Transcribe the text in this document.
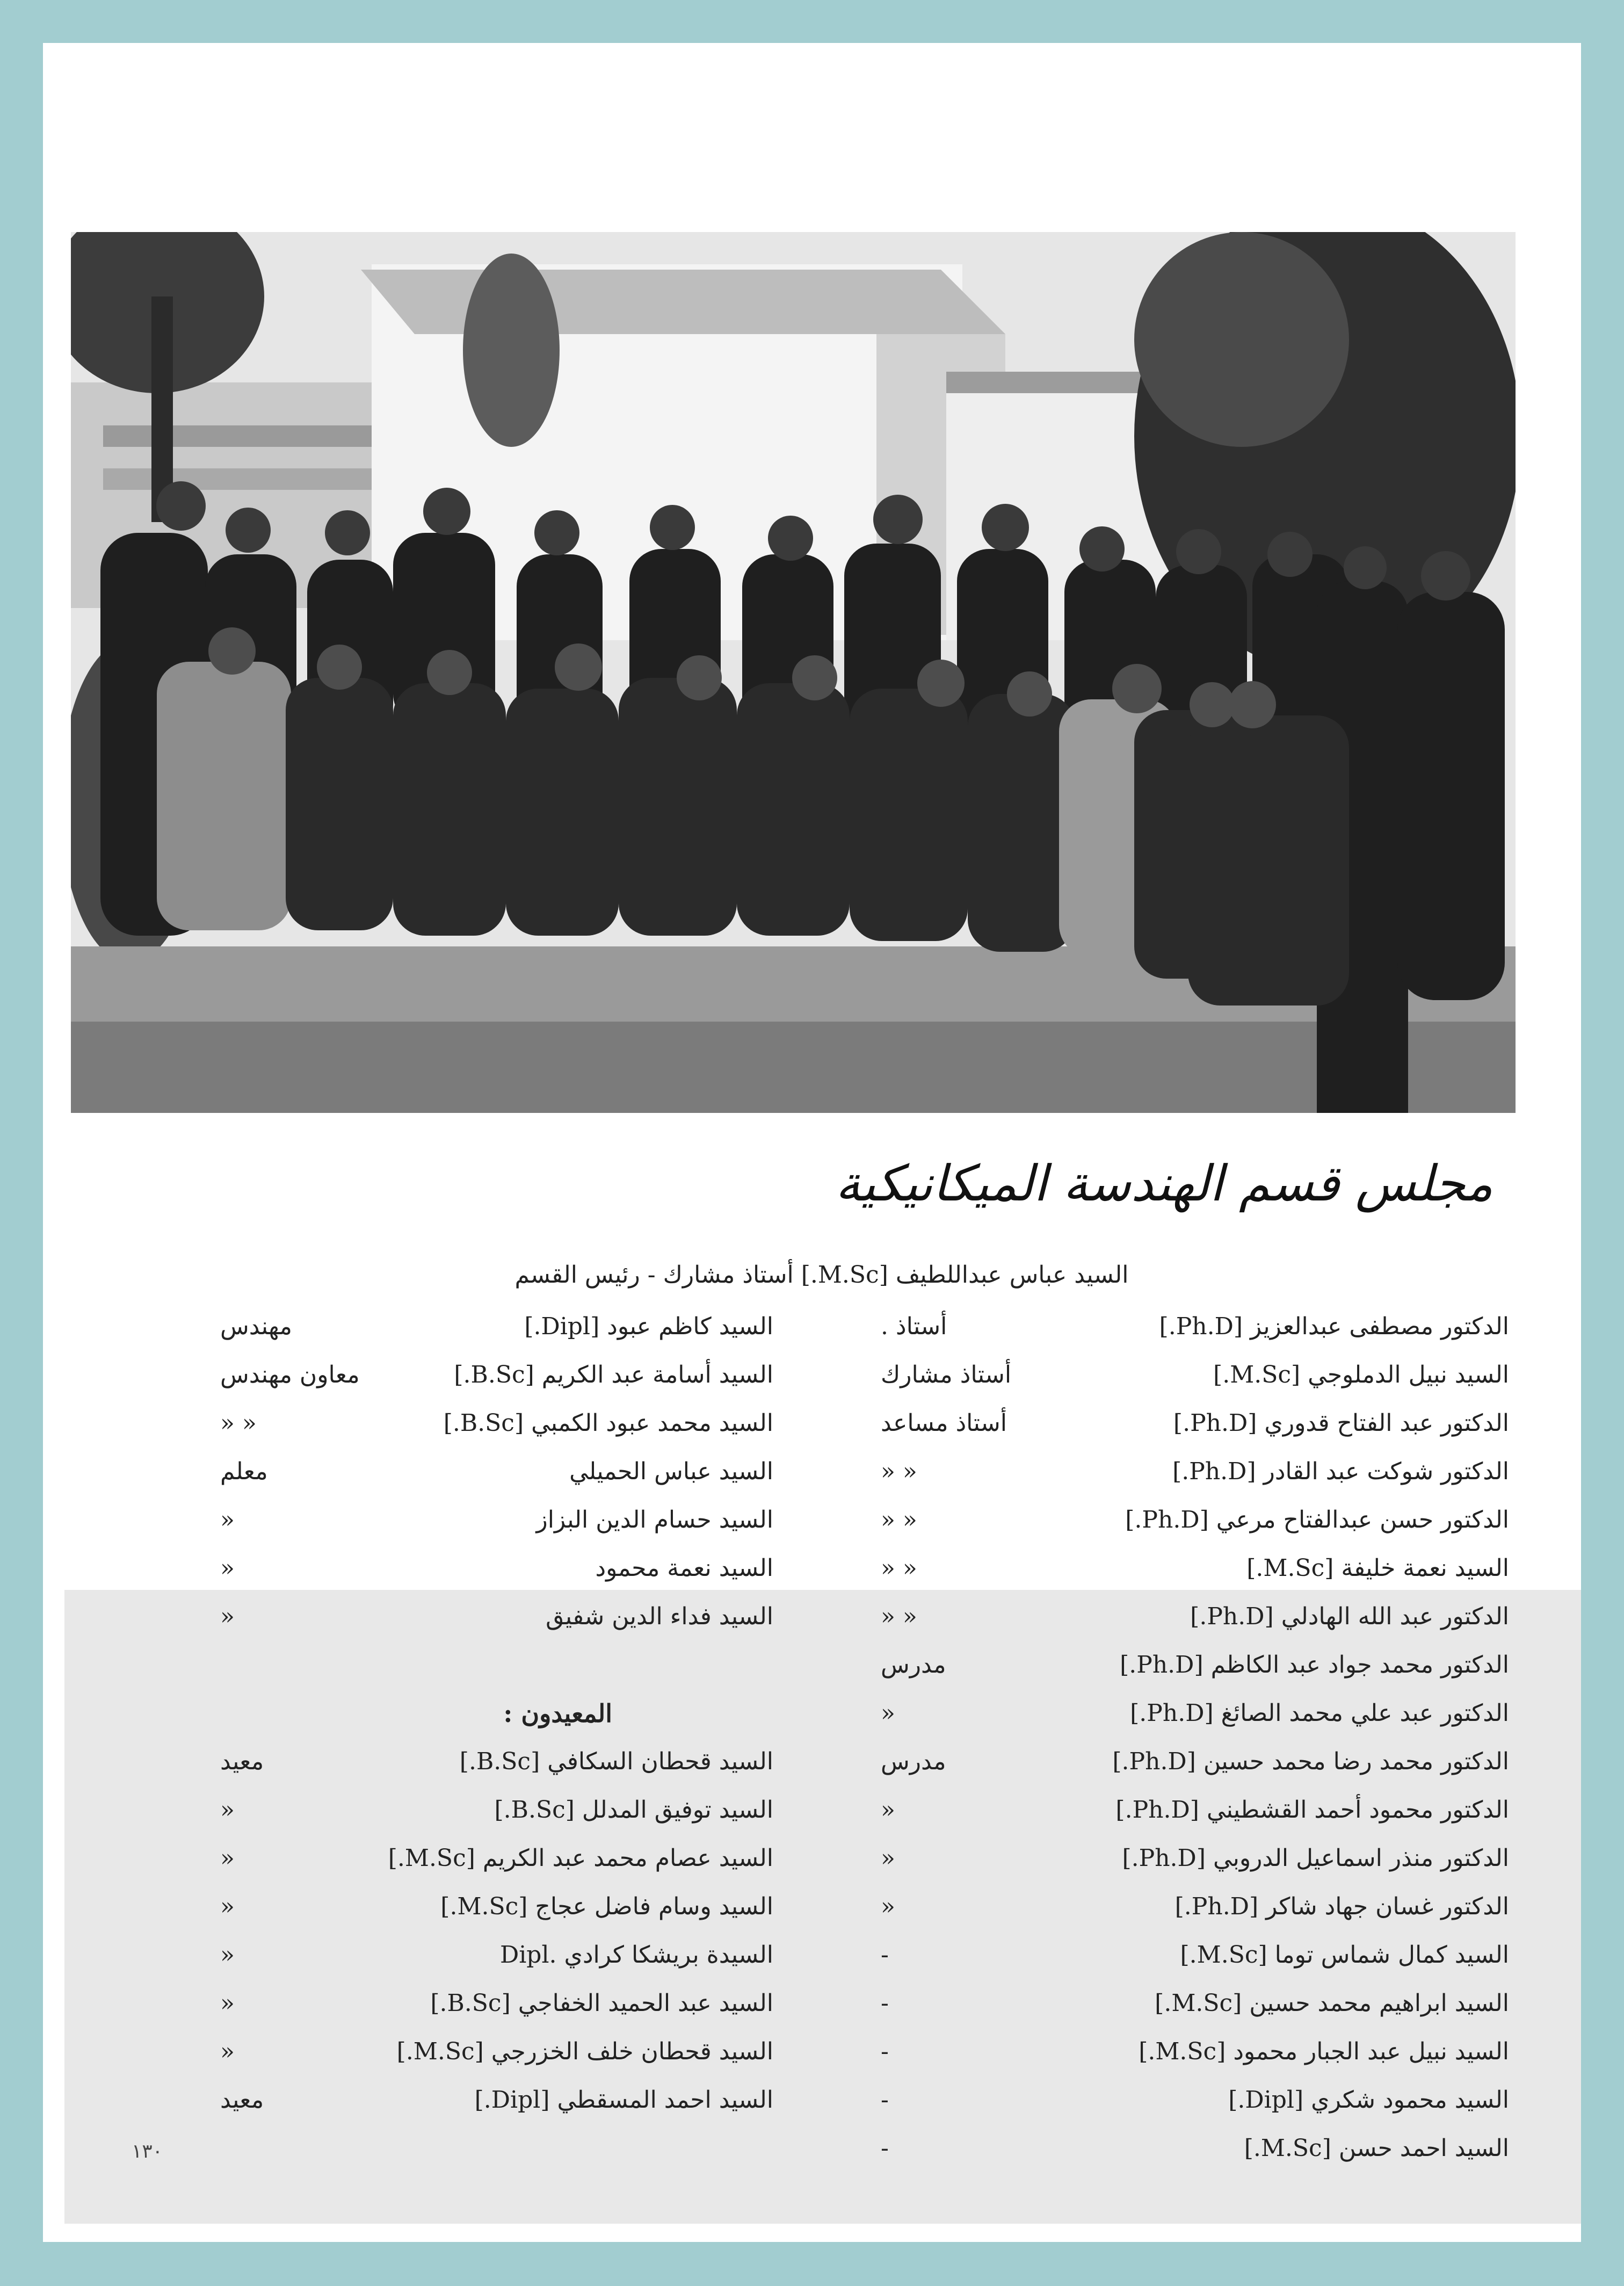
مجلس قسم الهندسة الميكانيكية
السيد عباس عبداللطيف [M.Sc.] أستاذ مشارك - رئيس القسم
الدكتور مصطفى عبدالعزيز [Ph.D.]
أستاذ .
السيد نبيل الدملوجي [M.Sc.]
أستاذ مشارك
الدكتور عبد الفتاح قدوري [Ph.D.]
أستاذ مساعد
الدكتور شوكت عبد القادر [Ph.D.]
« «
الدكتور حسن عبدالفتاح مرعي [Ph.D.]
« «
السيد نعمة خليفة [M.Sc.]
« «
الدكتور عبد الله الهادلي [Ph.D.]
« «
الدكتور محمد جواد عبد الكاظم [Ph.D.]
مدرس
الدكتور عبد علي محمد الصائغ [Ph.D.]
«
الدكتور محمد رضا محمد حسين [Ph.D.]
مدرس
الدكتور محمود أحمد القشطيني [Ph.D.]
«
الدكتور منذر اسماعيل الدروبي [Ph.D.]
«
الدكتور غسان جهاد شاكر [Ph.D.]
«
السيد كمال شماس توما [M.Sc.]
-
السيد ابراهيم محمد حسين [M.Sc.]
-
السيد نبيل عبد الجبار محمود [M.Sc.]
-
السيد محمود شكري [Dipl.]
-
السيد احمد حسن [M.Sc.]
-
السيد كاظم عبود [Dipl.]
مهندس
السيد أسامة عبد الكريم [B.Sc.]
معاون مهندس
السيد محمد عبود الكمبي [B.Sc.]
« «
السيد عباس الحميلي
معلم
السيد حسام الدين البزاز
«
السيد نعمة محمود
«
السيد فداء الدين شفيق
«
المعيدون :
السيد قحطان السكافي [B.Sc.]
معيد
السيد توفيق المدلل [B.Sc.]
«
السيد عصام محمد عبد الكريم [M.Sc.]
«
السيد وسام فاضل عجاج [M.Sc.]
«
السيدة بريشكا كرادي .Dipl
«
السيد عبد الحميد الخفاجي [B.Sc.]
«
السيد قحطان خلف الخزرجي [M.Sc.]
«
السيد احمد المسقطي [Dipl.]
معيد
١٣٠
